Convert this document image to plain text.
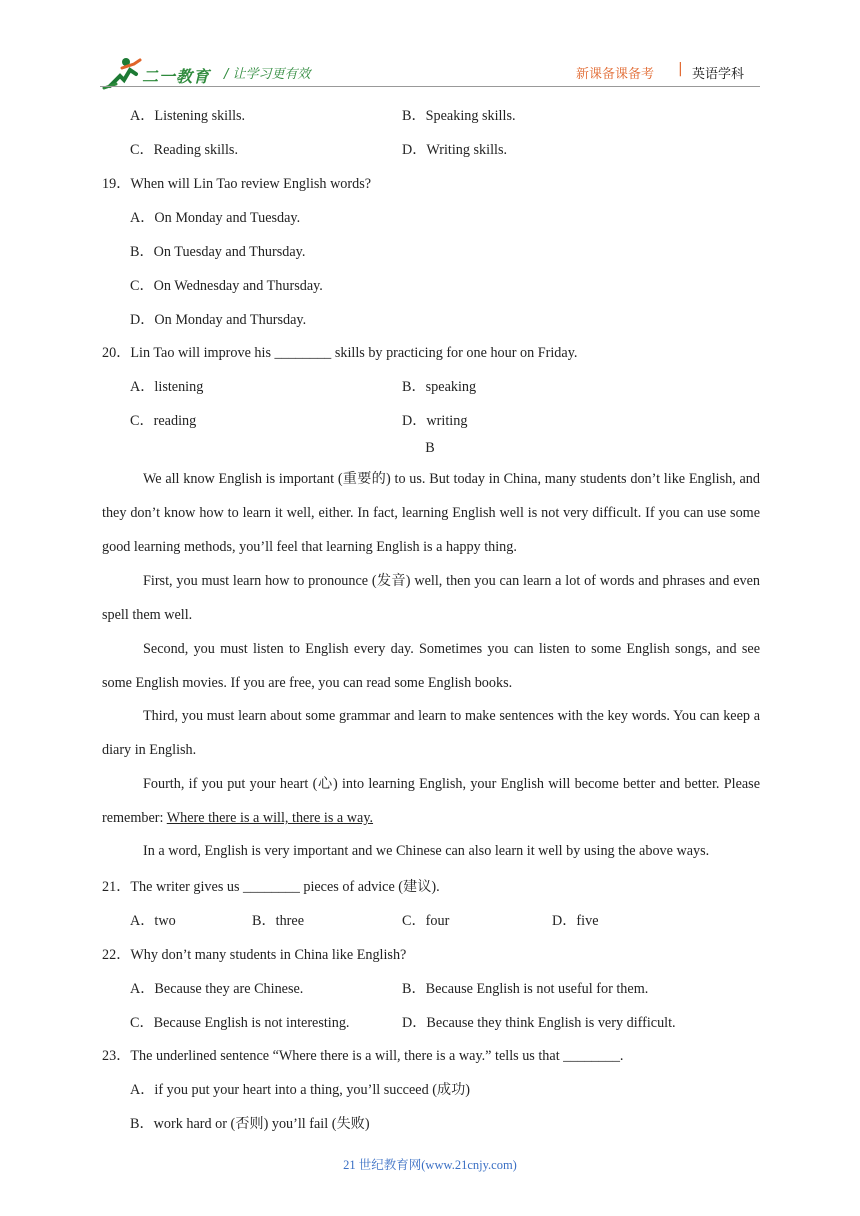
二一教育 / 让学习更有效	新课备课备考 | 英语学科
A．Listening skills.	B．Speaking skills.
C．Reading skills.	D．Writing skills.
19．When will Lin Tao review English words?
A．On Monday and Tuesday.
B．On Tuesday and Thursday.
C．On Wednesday and Thursday.
D．On Monday and Thursday.
20．Lin Tao will improve his ________ skills by practicing for one hour on Friday.
A．listening	B．speaking
C．reading	D．writing
B
We all know English is important (重要的) to us. But today in China, many students don’t like English, and they don’t know how to learn it well, either. In fact, learning English well is not very difficult. If you can use some good learning methods, you’ll feel that learning English is a happy thing.
First, you must learn how to pronounce (发音) well, then you can learn a lot of words and phrases and even spell them well.
Second, you must listen to English every day. Sometimes you can listen to some English songs, and see some English movies. If you are free, you can read some English books.
Third, you must learn about some grammar and learn to make sentences with the key words. You can keep a diary in English.
Fourth, if you put your heart (心) into learning English, your English will become better and better. Please remember: Where there is a will, there is a way.
In a word, English is very important and we Chinese can also learn it well by using the above ways.
21．The writer gives us ________ pieces of advice (建议).
A．two	B．three	C．four	D．five
22．Why don’t many students in China like English?
A．Because they are Chinese.	B．Because English is not useful for them.
C．Because English is not interesting.	D．Because they think English is very difficult.
23．The underlined sentence “Where there is a will, there is a way.” tells us that ________.
A．if you put your heart into a thing, you’ll succeed (成功)
B．work hard or (否则) you’ll fail (失败)
21 世纪教育网(www.21cnjy.com)
